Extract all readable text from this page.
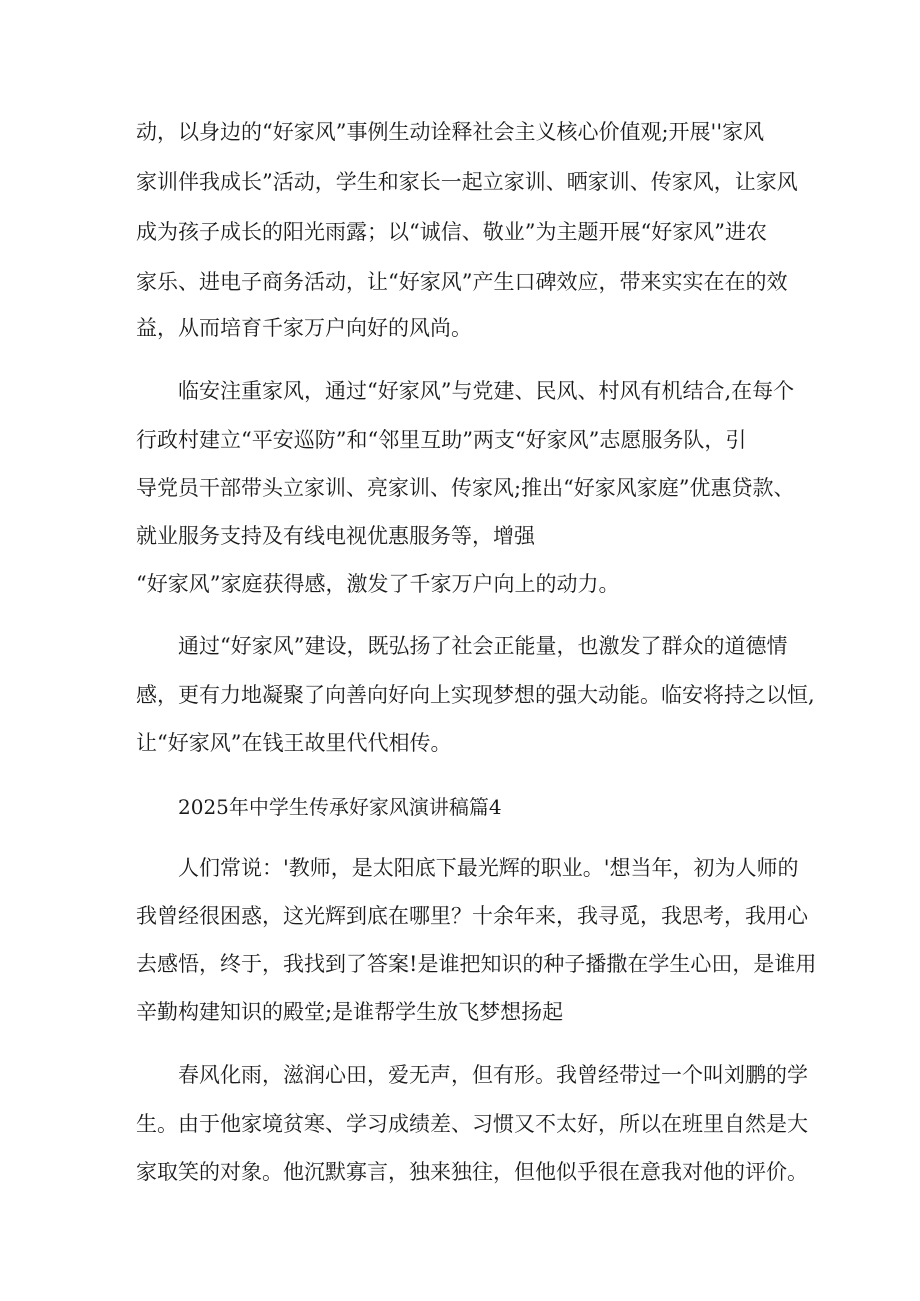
动，以身边的“好家风”事例生动诠释社会主义核心价值观;开展''家风
家训伴我成长”活动，学生和家长一起立家训、晒家训、传家风，让家风
成为孩子成长的阳光雨露；以“诚信、敬业”为主题开展“好家风”进农
家乐、进电子商务活动，让“好家风”产生口碑效应，带来实实在在的效
益，从而培育千家万户向好的风尚。
临安注重家风，通过“好家风”与党建、民风、村风有机结合,在每个
行政村建立“平安巡防”和“邻里互助”两支“好家风”志愿服务队，引
导党员干部带头立家训、亮家训、传家风;推出“好家风家庭”优惠贷款、
就业服务支持及有线电视优惠服务等，增强
“好家风”家庭获得感，激发了千家万户向上的动力。
通过“好家风”建设，既弘扬了社会正能量，也激发了群众的道德情
感，更有力地凝聚了向善向好向上实现梦想的强大动能。临安将持之以恒,
让“好家风”在钱王故里代代相传。
2025年中学生传承好家风演讲稿篇4
人们常说：'教师，是太阳底下最光辉的职业。'想当年，初为人师的
我曾经很困惑，这光辉到底在哪里？十余年来，我寻觅，我思考，我用心
去感悟，终于，我找到了答案!是谁把知识的种子播撒在学生心田，是谁用
辛勤构建知识的殿堂;是谁帮学生放飞梦想扬起
春风化雨，滋润心田，爱无声，但有形。我曾经带过一个叫刘鹏的学
生。由于他家境贫寒、学习成绩差、习惯又不太好，所以在班里自然是大
家取笑的对象。他沉默寡言，独来独往，但他似乎很在意我对他的评价。
